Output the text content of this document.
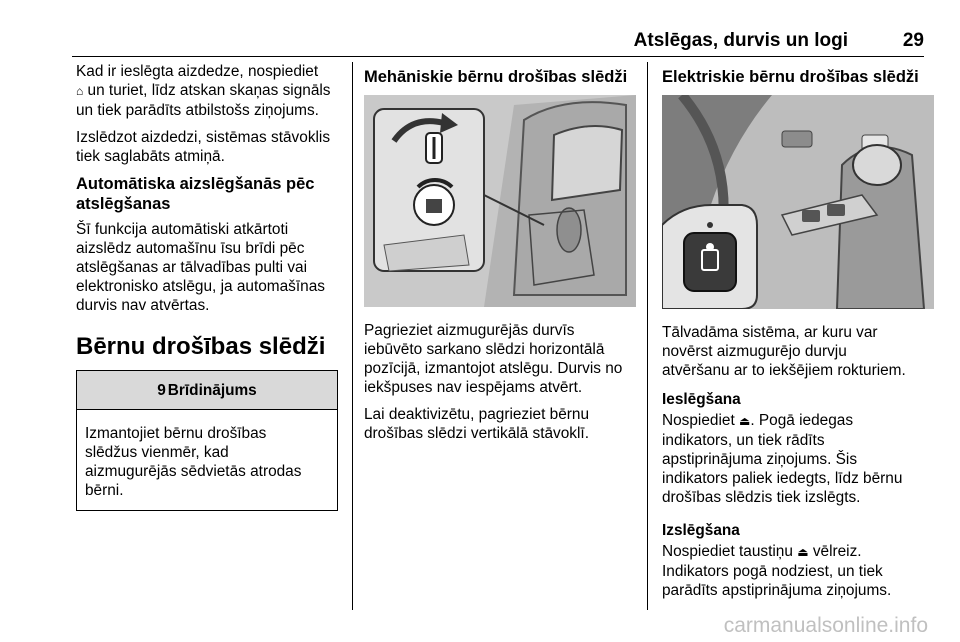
Atslēgas, durvis un logi	29

Kad ir ieslēgta aizdedze, nospiediet
⌂ un turiet, līdz atskan skaņas signāls
un tiek parādīts atbilstošs ziņojums.

Izslēdzot aizdedzi, sistēmas stāvoklis
tiek saglabāts atmiņā.

Automātiska aizslēgšanās pēc
atslēgšanas

Šī funkcija automātiski atkārtoti
aizslēdz automašīnu īsu brīdi pēc
atslēgšanas ar tālvadības pulti vai
elektronisko atslēgu, ja automašīnas
durvis nav atvērtas.

Bērnu drošības slēdži
9 Brīdinājums
Izmantojiet bērnu drošības
slēdžus vienmēr, kad
aizmugurējās sēdvietās atrodas
bērni.
Mehāniskie bērnu drošības slēdži

Pagrieziet aizmugurējās durvīs
iebūvēto sarkano slēdzi horizontālā
pozīcijā, izmantojot atslēgu. Durvis no
iekšpuses nav iespējams atvērt.

Lai deaktivizētu, pagrieziet bērnu
drošības slēdzi vertikālā stāvoklī.

Elektriskie bērnu drošības slēdži

Tālvadāma sistēma, ar kuru var
novērst aizmugurējo durvju
atvēršanu ar to iekšējiem rokturiem.

Ieslēgšana

Nospiediet ⏏. Pogā iedegas
indikators, un tiek rādīts
apstiprinājuma ziņojums. Šis
indikators paliek iedegts, līdz bērnu
drošības slēdzis tiek izslēgts.

Izslēgšana

Nospiediet taustiņu ⏏ vēlreiz.
Indikators pogā nodziest, un tiek
parādīts apstiprinājuma ziņojums.

carmanualsonline.info
